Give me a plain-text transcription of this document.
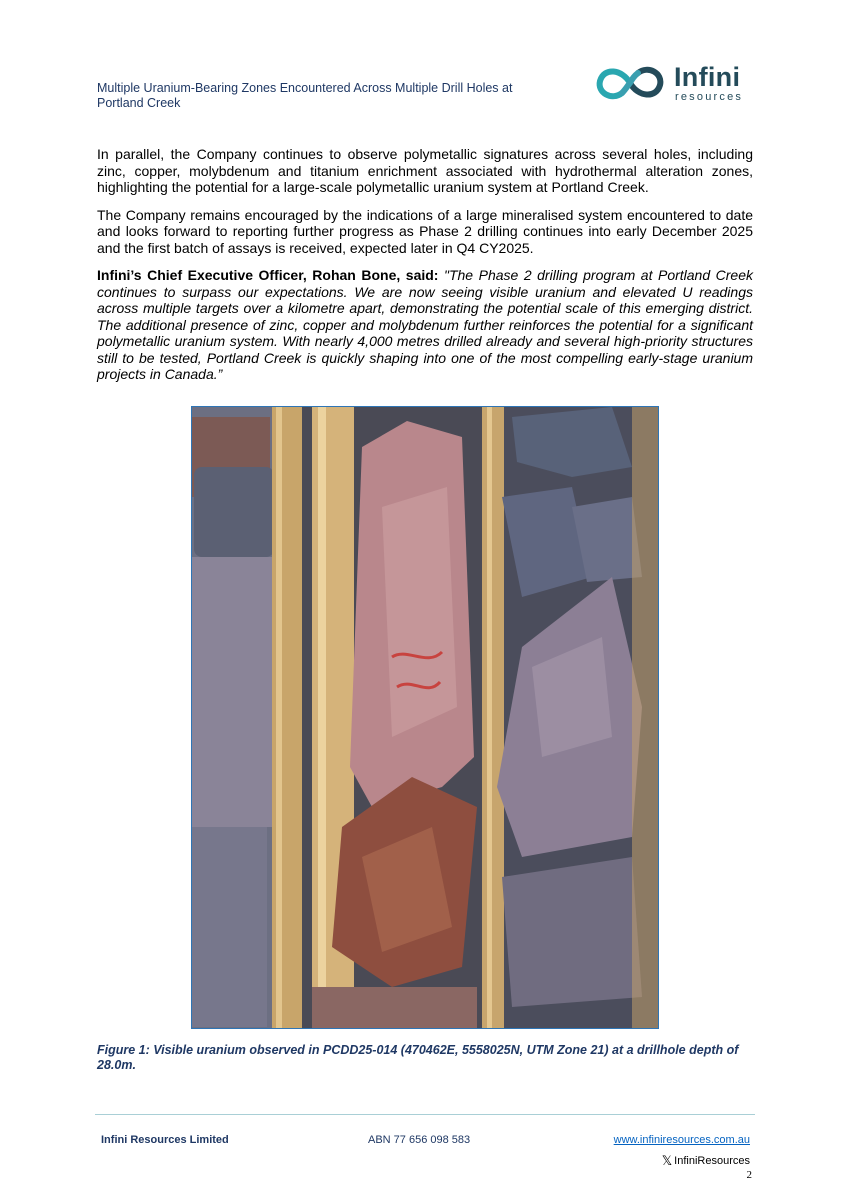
Multiple Uranium-Bearing Zones Encountered Across Multiple Drill Holes at Portland Creek
Infini
resources

In parallel, the Company continues to observe polymetallic signatures across several holes, including zinc, copper, molybdenum and titanium enrichment associated with hydrothermal alteration zones, highlighting the potential for a large-scale polymetallic uranium system at Portland Creek.

The Company remains encouraged by the indications of a large mineralised system encountered to date and looks forward to reporting further progress as Phase 2 drilling continues into early December 2025 and the first batch of assays is received, expected later in Q4 CY2025.

Infini’s Chief Executive Officer, Rohan Bone, said: "The Phase 2 drilling program at Portland Creek continues to surpass our expectations. We are now seeing visible uranium and elevated U readings across multiple targets over a kilometre apart, demonstrating the potential scale of this emerging district. The additional presence of zinc, copper and molybdenum further reinforces the potential for a significant polymetallic uranium system. With nearly 4,000 metres drilled already and several high-priority structures still to be tested, Portland Creek is quickly shaping into one of the most compelling early-stage uranium projects in Canada.”

Figure 1: Visible uranium observed in PCDD25-014 (470462E, 5558025N, UTM Zone 21) at a drillhole depth of 28.0m.
Infini Resources Limited	ABN 77 656 098 583	www.infiniresources.com.au
𝕏 InfiniResources
2
